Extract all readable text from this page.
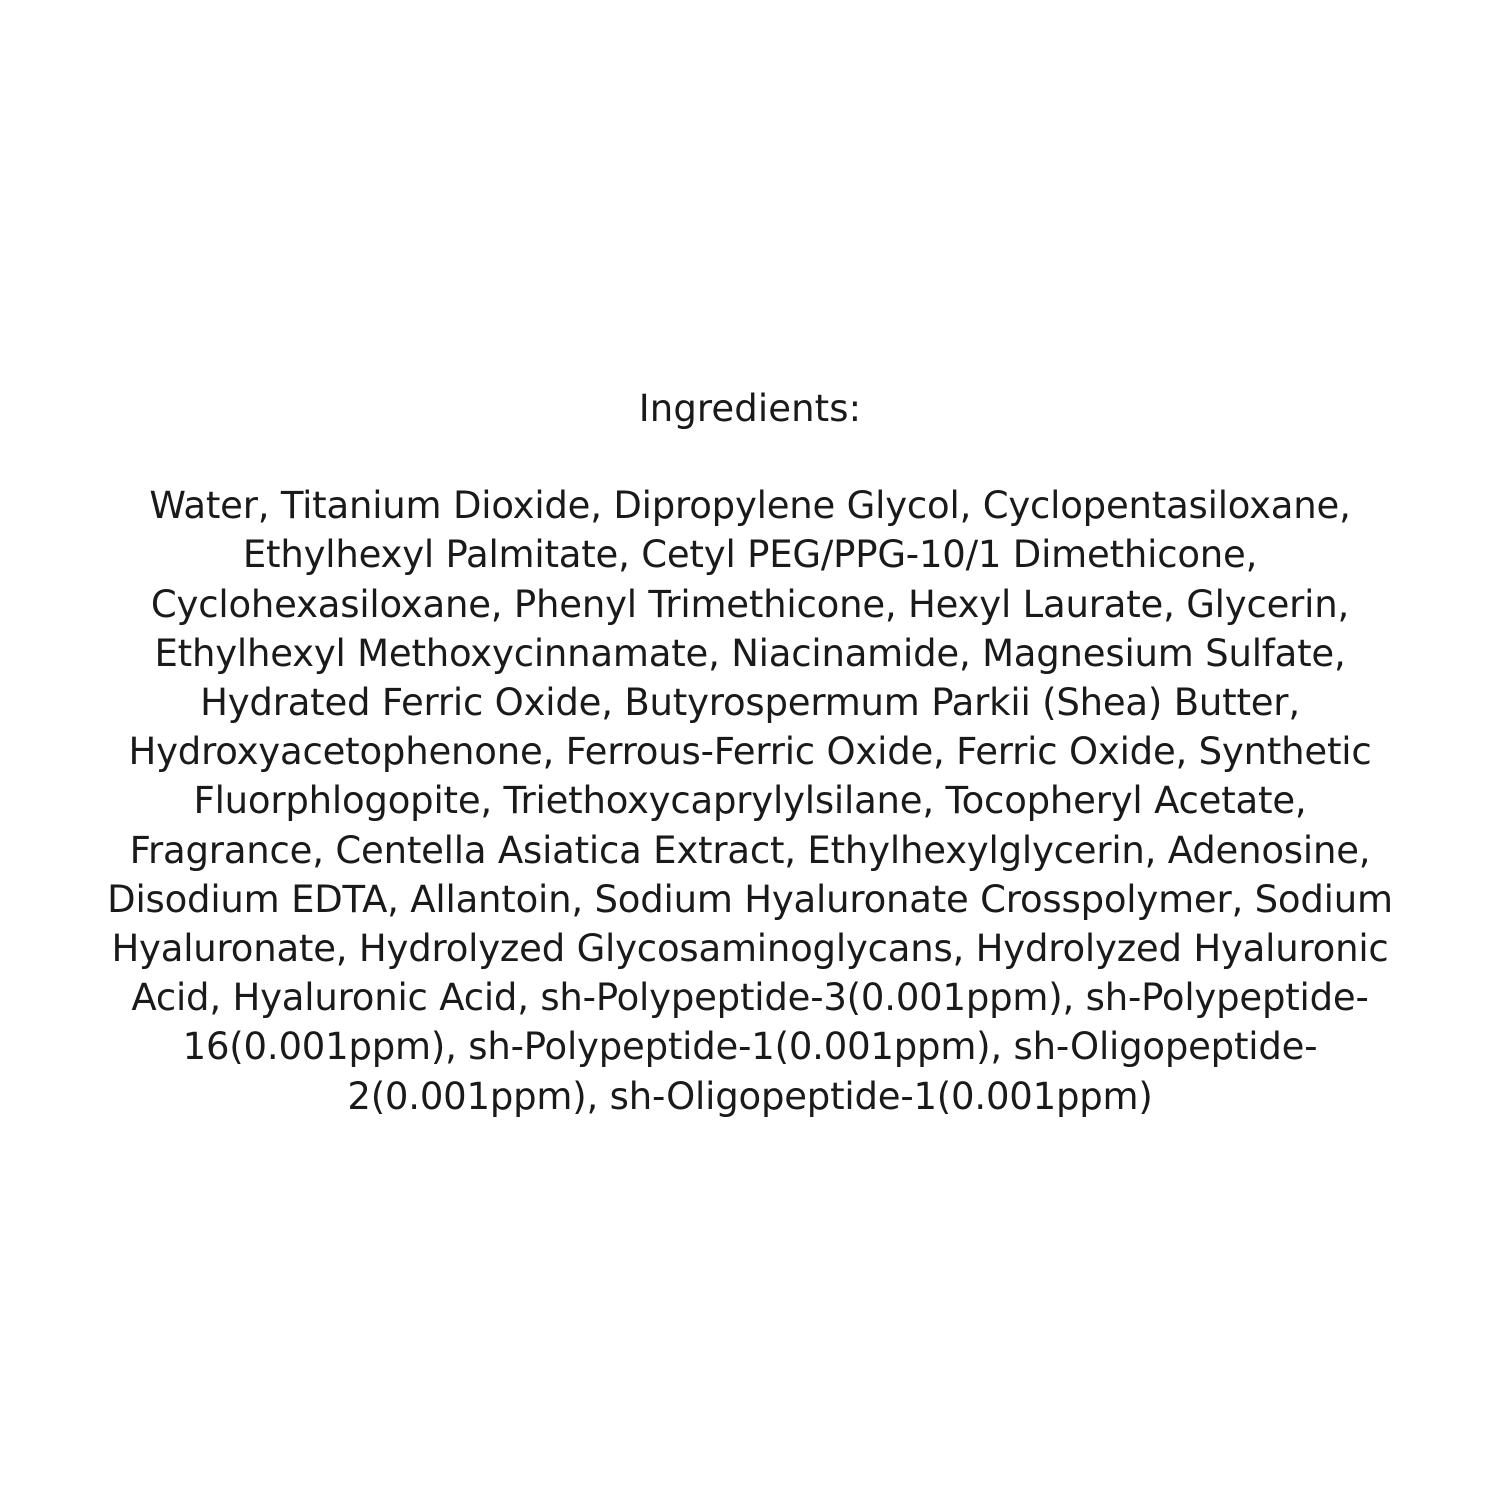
Ingredients:

Water, Titanium Dioxide, Dipropylene Glycol, Cyclopentasiloxane, Ethylhexyl Palmitate, Cetyl PEG/PPG-10/1 Dimethicone, Cyclohexasiloxane, Phenyl Trimethicone, Hexyl Laurate, Glycerin, Ethylhexyl Methoxycinnamate, Niacinamide, Magnesium Sulfate, Hydrated Ferric Oxide, Butyrospermum Parkii (Shea) Butter, Hydroxyacetophenone, Ferrous-Ferric Oxide, Ferric Oxide, Synthetic Fluorphlogopite, Triethoxycaprylylsilane, Tocopheryl Acetate, Fragrance, Centella Asiatica Extract, Ethylhexylglycerin, Adenosine, Disodium EDTA, Allantoin, Sodium Hyaluronate Crosspolymer, Sodium Hyaluronate, Hydrolyzed Glycosaminoglycans, Hydrolyzed Hyaluronic Acid, Hyaluronic Acid, sh-Polypeptide-3(0.001ppm), sh-Polypeptide-16(0.001ppm), sh-Polypeptide-1(0.001ppm), sh-Oligopeptide-2(0.001ppm), sh-Oligopeptide-1(0.001ppm)
